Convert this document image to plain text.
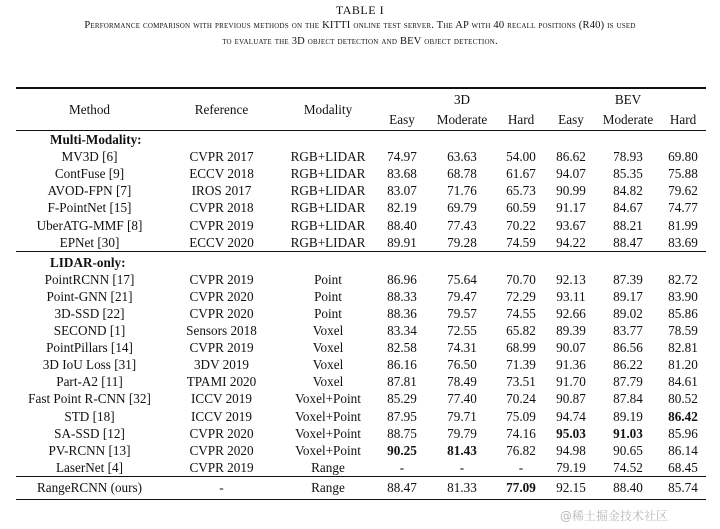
TABLE I
Performance comparison with previous methods on the KITTI online test server. The AP with 40 recall positions (R40) is used
to evaluate the 3D object detection and BEV object detection.
Method	Reference	Modality		3D			BEV	
			Easy	Moderate	Hard	Easy	Moderate	Hard
Multi-Modality:								
MV3D [6]	CVPR 2017	RGB+LIDAR	74.97	63.63	54.00	86.62	78.93	69.80
ContFuse [9]	ECCV 2018	RGB+LIDAR	83.68	68.78	61.67	94.07	85.35	75.88
AVOD-FPN [7]	IROS 2017	RGB+LIDAR	83.07	71.76	65.73	90.99	84.82	79.62
F-PointNet [15]	CVPR 2018	RGB+LIDAR	82.19	69.79	60.59	91.17	84.67	74.77
UberATG-MMF [8]	CVPR 2019	RGB+LIDAR	88.40	77.43	70.22	93.67	88.21	81.99
EPNet [30]	ECCV 2020	RGB+LIDAR	89.91	79.28	74.59	94.22	88.47	83.69
LIDAR-only:								
PointRCNN [17]	CVPR 2019	Point	86.96	75.64	70.70	92.13	87.39	82.72
Point-GNN [21]	CVPR 2020	Point	88.33	79.47	72.29	93.11	89.17	83.90
3D-SSD [22]	CVPR 2020	Point	88.36	79.57	74.55	92.66	89.02	85.86
SECOND [1]	Sensors 2018	Voxel	83.34	72.55	65.82	89.39	83.77	78.59
PointPillars [14]	CVPR 2019	Voxel	82.58	74.31	68.99	90.07	86.56	82.81
3D IoU Loss [31]	3DV 2019	Voxel	86.16	76.50	71.39	91.36	86.22	81.20
Part-A2 [11]	TPAMI 2020	Voxel	87.81	78.49	73.51	91.70	87.79	84.61
Fast Point R-CNN [32]	ICCV 2019	Voxel+Point	85.29	77.40	70.24	90.87	87.84	80.52
STD [18]	ICCV 2019	Voxel+Point	87.95	79.71	75.09	94.74	89.19	86.42
SA-SSD [12]	CVPR 2020	Voxel+Point	88.75	79.79	74.16	95.03	91.03	85.96
PV-RCNN [13]	CVPR 2020	Voxel+Point	90.25	81.43	76.82	94.98	90.65	86.14
LaserNet [4]	CVPR 2019	Range	-	-	-	79.19	74.52	68.45
RangeRCNN (ours)	-	Range	88.47	81.33	77.09	92.15	88.40	85.74
@稀土掘金技术社区
